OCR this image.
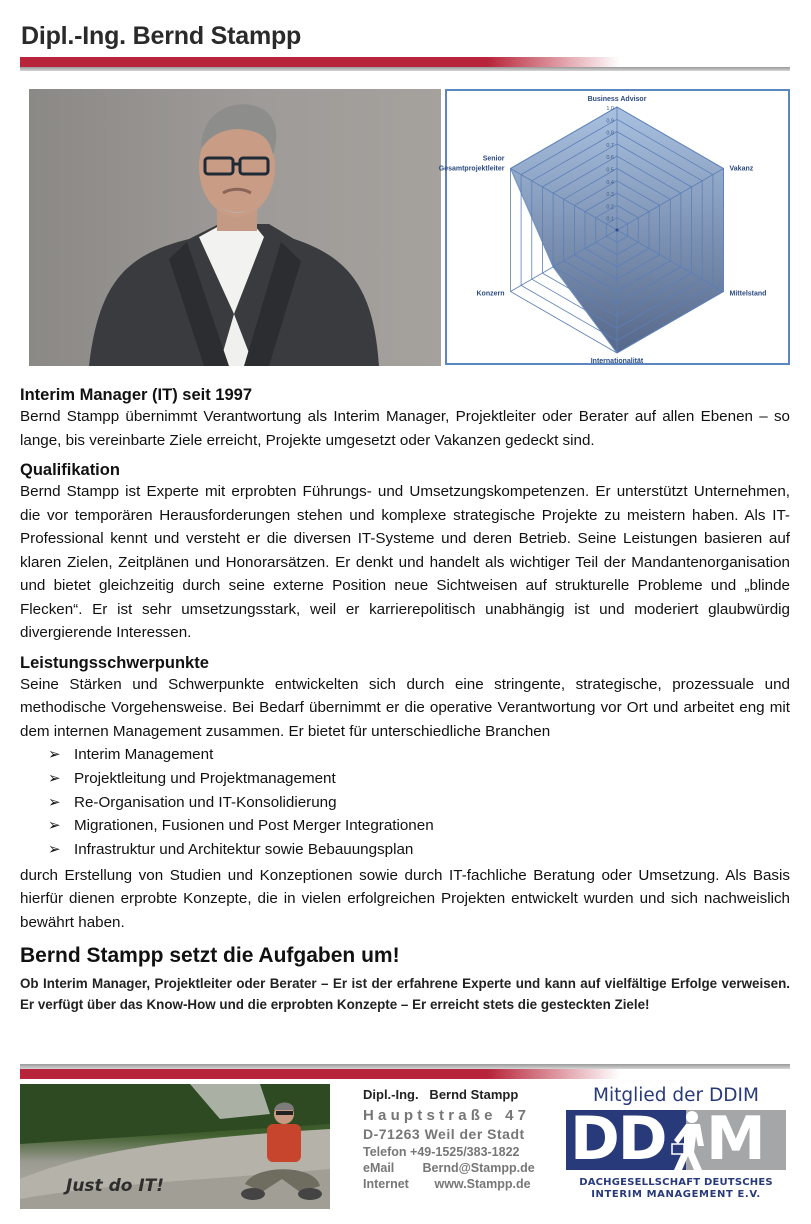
Dipl.-Ing. Bernd Stampp
0.1
0.2
0.3
0.4
0.5
0.6
0.7
0.8
0.9
1.0
Business Advisor
Vakanz
Mittelstand
Internationalität
Konzern
Senior
Gesamtprojektleiter
Interim Manager (IT) seit 1997

Bernd Stampp übernimmt Verantwortung als Interim Manager, Projektleiter oder Berater auf allen Ebenen – so lange, bis vereinbarte Ziele erreicht, Projekte umgesetzt oder Vakanzen gedeckt sind.

Qualifikation

Bernd Stampp ist Experte mit erprobten Führungs- und Umsetzungskompetenzen. Er unterstützt Unternehmen, die vor temporären Herausforderungen stehen und komplexe strategische Projekte zu meistern haben. Als IT-Professional kennt und versteht er die diversen IT-Systeme und deren Betrieb. Seine Leistungen basieren auf klaren Zielen, Zeitplänen und Honorarsätzen. Er denkt und handelt als wichtiger Teil der Mandantenorganisation und bietet gleichzeitig durch seine externe Position neue Sichtweisen auf strukturelle Probleme und „blinde Flecken“. Er ist sehr umsetzungsstark, weil er karrierepolitisch unabhängig ist und moderiert glaubwürdig divergierende Interessen.

Leistungsschwerpunkte

Seine Stärken und Schwerpunkte entwickelten sich durch eine stringente, strategische, prozessuale und methodische Vorgehensweise. Bei Bedarf übernimmt er die operative Verantwortung vor Ort und arbeitet eng mit dem internen Management zusammen. Er bietet für unterschiedliche Branchen

➢ Interim Management
➢ Projektleitung und Projektmanagement
➢ Re-Organisation und IT-Konsolidierung
➢ Migrationen, Fusionen und Post Merger Integrationen
➢ Infrastruktur und Architektur sowie Bebauungsplan

durch Erstellung von Studien und Konzeptionen sowie durch IT-fachliche Beratung oder Umsetzung. Als Basis hierfür dienen erprobte Konzepte, die in vielen erfolgreichen Projekten entwickelt wurden und sich nachweislich bewährt haben.

Bernd Stampp setzt die Aufgaben um!

Ob Interim Manager, Projektleiter oder Berater – Er ist der erfahrene Experte und kann auf vielfältige Erfolge verweisen. Er verfügt über das Know-How und die erprobten Konzepte – Er erreicht stets die gesteckten Ziele!

Just do IT!
Dipl.-Ing.   Bernd Stampp
Hauptstraße 47
D-71263 Weil der Stadt
Telefon +49-1525/383-1822
eMail Bernd@Stampp.de
Internet www.Stampp.de
Mitglied der DDIM
DD M
DACHGESELLSCHAFT DEUTSCHES
INTERIM MANAGEMENT E.V.
